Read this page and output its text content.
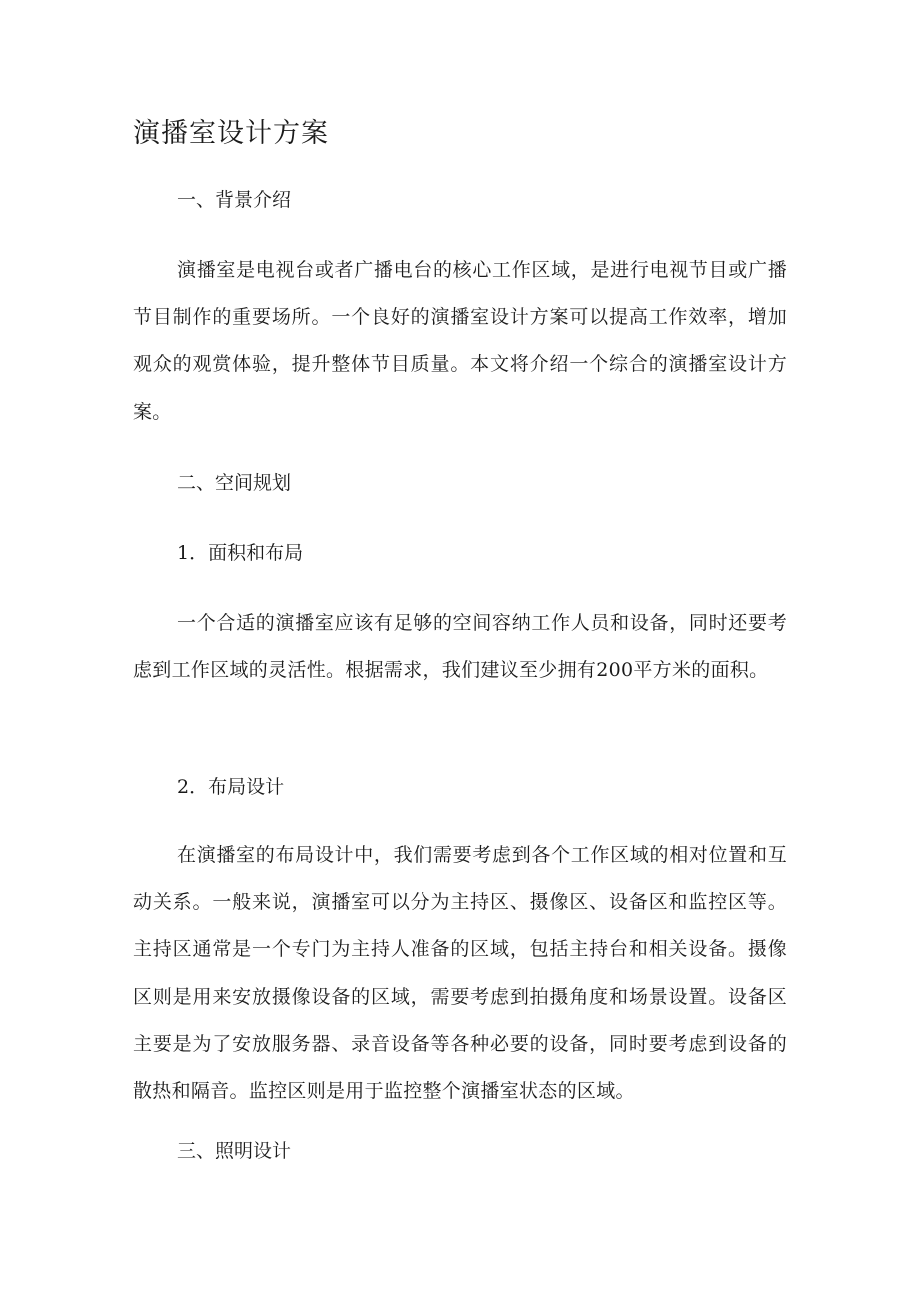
演播室设计方案
一、背景介绍
演播室是电视台或者广播电台的核心工作区域，是进行电视节目或广播节目制作的重要场所。一个良好的演播室设计方案可以提高工作效率，增加观众的观赏体验，提升整体节目质量。本文将介绍一个综合的演播室设计方案。
二、空间规划
1．面积和布局
一个合适的演播室应该有足够的空间容纳工作人员和设备，同时还要考虑到工作区域的灵活性。根据需求，我们建议至少拥有200平方米的面积。
2．布局设计
在演播室的布局设计中，我们需要考虑到各个工作区域的相对位置和互动关系。一般来说，演播室可以分为主持区、摄像区、设备区和监控区等。主持区通常是一个专门为主持人准备的区域，包括主持台和相关设备。摄像区则是用来安放摄像设备的区域，需要考虑到拍摄角度和场景设置。设备区主要是为了安放服务器、录音设备等各种必要的设备，同时要考虑到设备的散热和隔音。监控区则是用于监控整个演播室状态的区域。
三、照明设计
